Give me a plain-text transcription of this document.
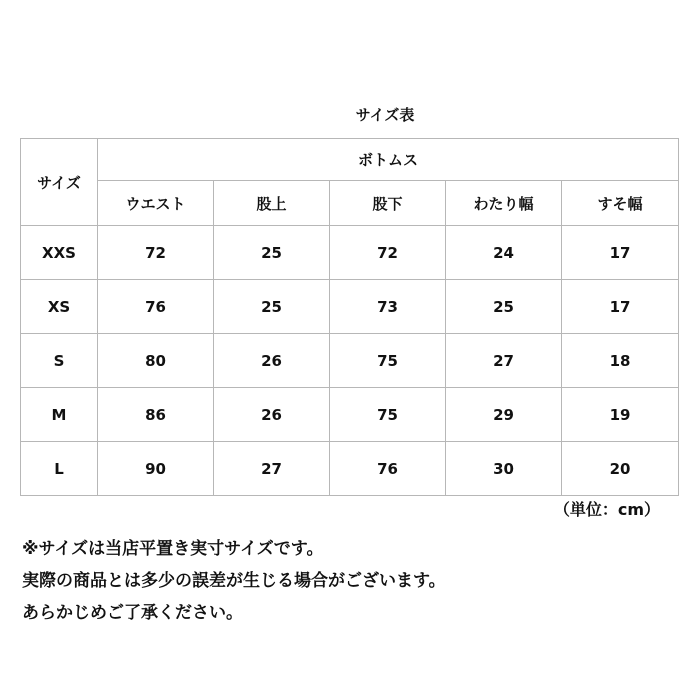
サイズ表
サイズ	ボトムス				
	ウエスト	股上	股下	わたり幅	すそ幅
XXS	72	25	72	24	17
XS	76	25	73	25	17
S	80	26	75	27	18
M	86	26	75	29	19
L	90	27	76	30	20
（単位：cm）
※サイズは当店平置き実寸サイズです。
実際の商品とは多少の誤差が生じる場合がございます。
あらかじめご了承ください。
